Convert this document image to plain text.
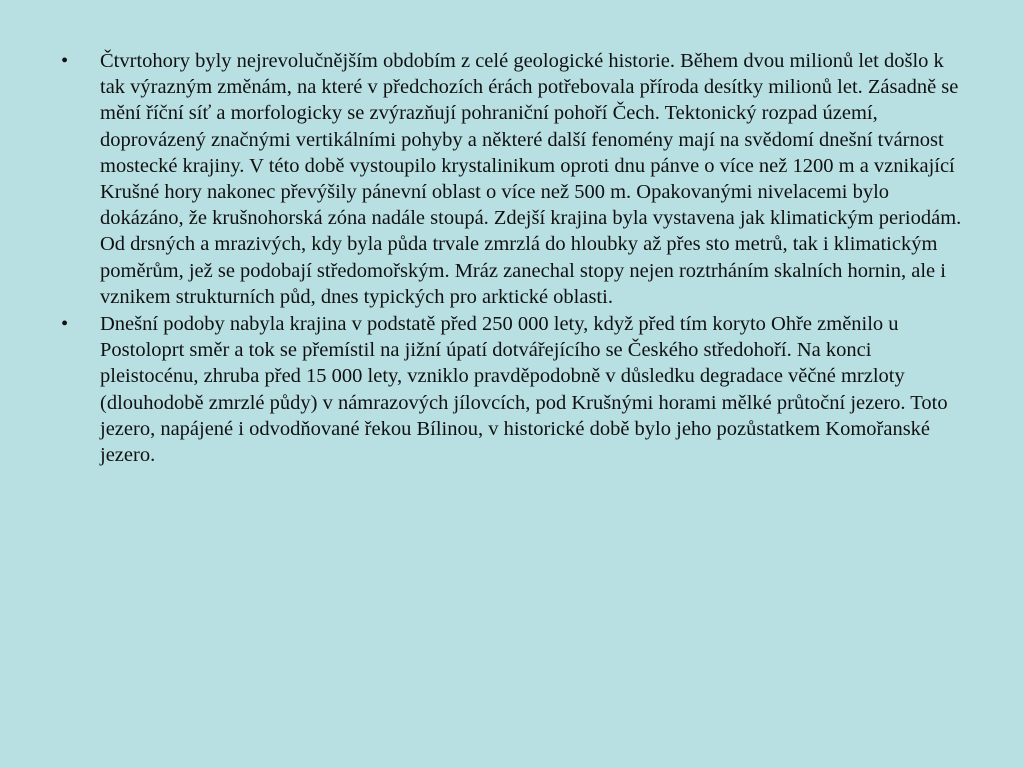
•	Čtvrtohory byly nejrevolučnějším obdobím z celé geologické historie. Během dvou milionů let došlo k tak výrazným změnám, na které v předchozích érách potřebovala příroda desítky milionů let. Zásadně se mění říční síť a morfologicky se zvýrazňují pohraniční pohoří Čech. Tektonický rozpad území, doprovázený značnými vertikálními pohyby a některé další fenomény mají na svědomí dnešní tvárnost mostecké krajiny. V této době vystoupilo krystalinikum oproti dnu pánve o více než 1200 m a vznikající Krušné hory nakonec převýšily pánevní oblast o více než 500 m. Opakovanými nivelacemi bylo dokázáno, že krušnohorská zóna nadále stoupá. Zdejší krajina byla vystavena jak klimatickým periodám. Od drsných a mrazivých, kdy byla půda trvale zmrzlá do hloubky až přes sto metrů, tak i klimatickým poměrům, jež se podobají středomořským. Mráz zanechal stopy nejen roztrháním skalních hornin, ale i vznikem strukturních půd, dnes typických pro arktické oblasti.
•	Dnešní podoby nabyla krajina v podstatě před 250 000 lety, když před tím koryto Ohře změnilo u Postoloprt směr a tok se přemístil na jižní úpatí dotvářejícího se Českého středohoří. Na konci pleistocénu, zhruba před 15 000 lety, vzniklo pravděpodobně v důsledku degradace věčné mrzloty (dlouhodobě zmrzlé půdy) v námrazových jílovcích, pod Krušnými horami mělké průtoční jezero. Toto jezero, napájené i odvodňované řekou Bílinou, v historické době bylo jeho pozůstatkem Komořanské jezero.
